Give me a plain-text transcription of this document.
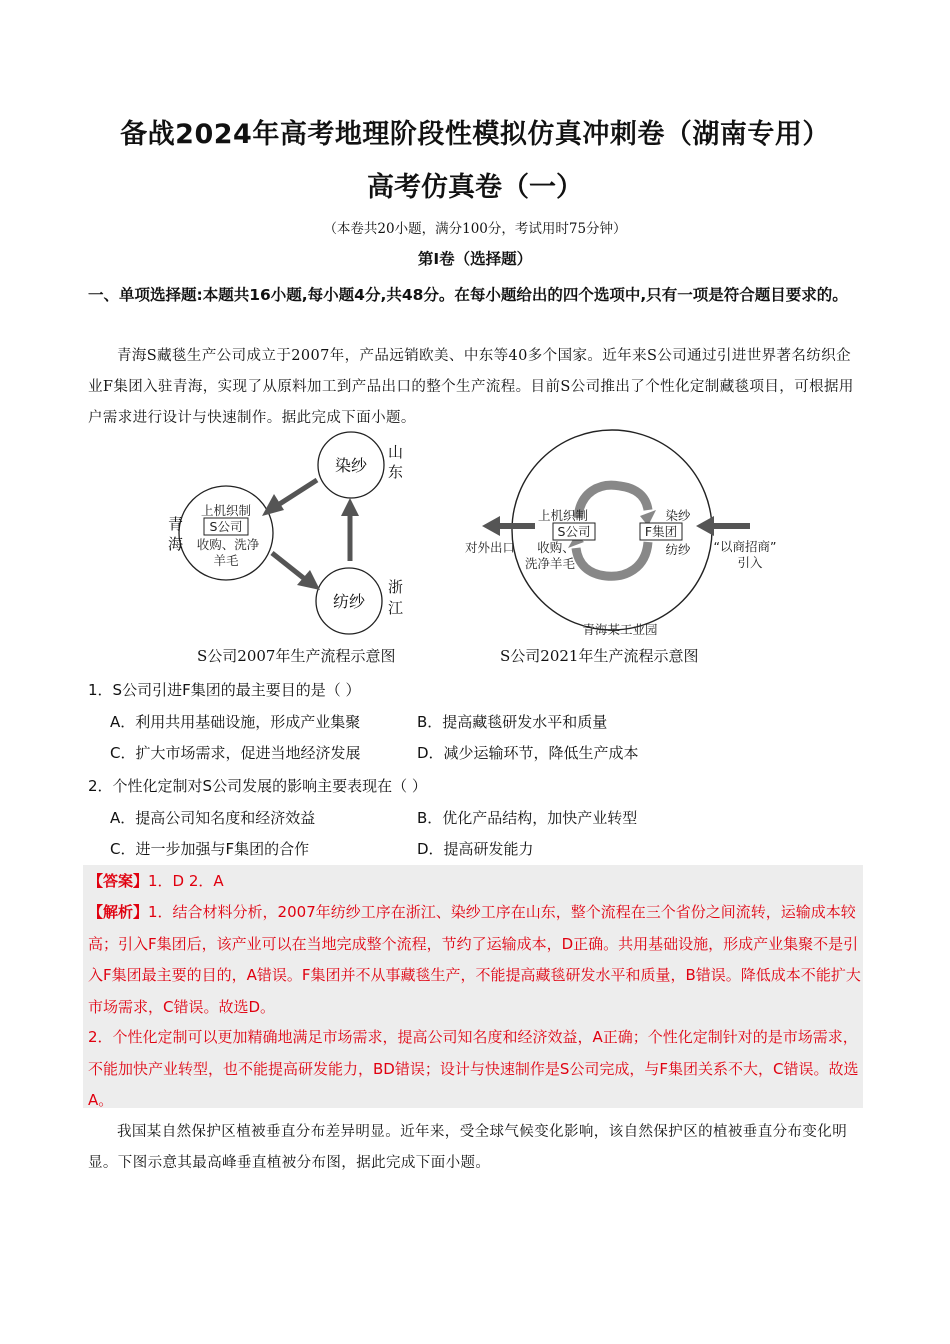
备战2024年高考地理阶段性模拟仿真冲刺卷（湖南专用）
高考仿真卷（一）
（本卷共20小题，满分100分，考试用时75分钟）
第Ⅰ卷（选择题）
一、单项选择题:本题共16小题,每小题4分,共48分。在每小题给出的四个选项中,只有一项是符合题目要求的。
青海S藏毯生产公司成立于2007年，产品远销欧美、中东等40多个国家。近年来S公司通过引进世界著名纺织企业F集团入驻青海，实现了从原料加工到产品出口的整个生产流程。目前S公司推出了个性化定制藏毯项目，可根据用户需求进行设计与快速制作。据此完成下面小题。
染纱
纺纱
上机织制
S公司
收购、洗净
羊毛
青
海
山
东
浙
江
S公司2007年生产流程示意图
上机织制
S公司
收购、
洗净羊毛
染纱
F集团
纺纱
对外出口	“以商招商”
引入
青海某工业园
S公司2021年生产流程示意图
1．S公司引进F集团的最主要目的是（ ）
A．利用共用基础设施，形成产业集聚	B．提高藏毯研发水平和质量
C．扩大市场需求，促进当地经济发展	D．减少运输环节，降低生产成本
2．个性化定制对S公司发展的影响主要表现在（ ）
A．提高公司知名度和经济效益	B．优化产品结构，加快产业转型
C．进一步加强与F集团的合作	D．提高研发能力
【答案】1．D 2．A
【解析】1．结合材料分析，2007年纺纱工序在浙江、染纱工序在山东，整个流程在三个省份之间流转，运输成本较高；引入F集团后，该产业可以在当地完成整个流程，节约了运输成本，D正确。共用基础设施，形成产业集聚不是引入F集团最主要的目的，A错误。F集团并不从事藏毯生产，不能提高藏毯研发水平和质量，B错误。降低成本不能扩大市场需求，C错误。故选D。
2．个性化定制可以更加精确地满足市场需求，提高公司知名度和经济效益，A正确；个性化定制针对的是市场需求，不能加快产业转型，也不能提高研发能力，BD错误；设计与快速制作是S公司完成，与F集团关系不大，C错误。故选A。
我国某自然保护区植被垂直分布差异明显。近年来，受全球气候变化影响，该自然保护区的植被垂直分布变化明显。下图示意其最高峰垂直植被分布图，据此完成下面小题。
